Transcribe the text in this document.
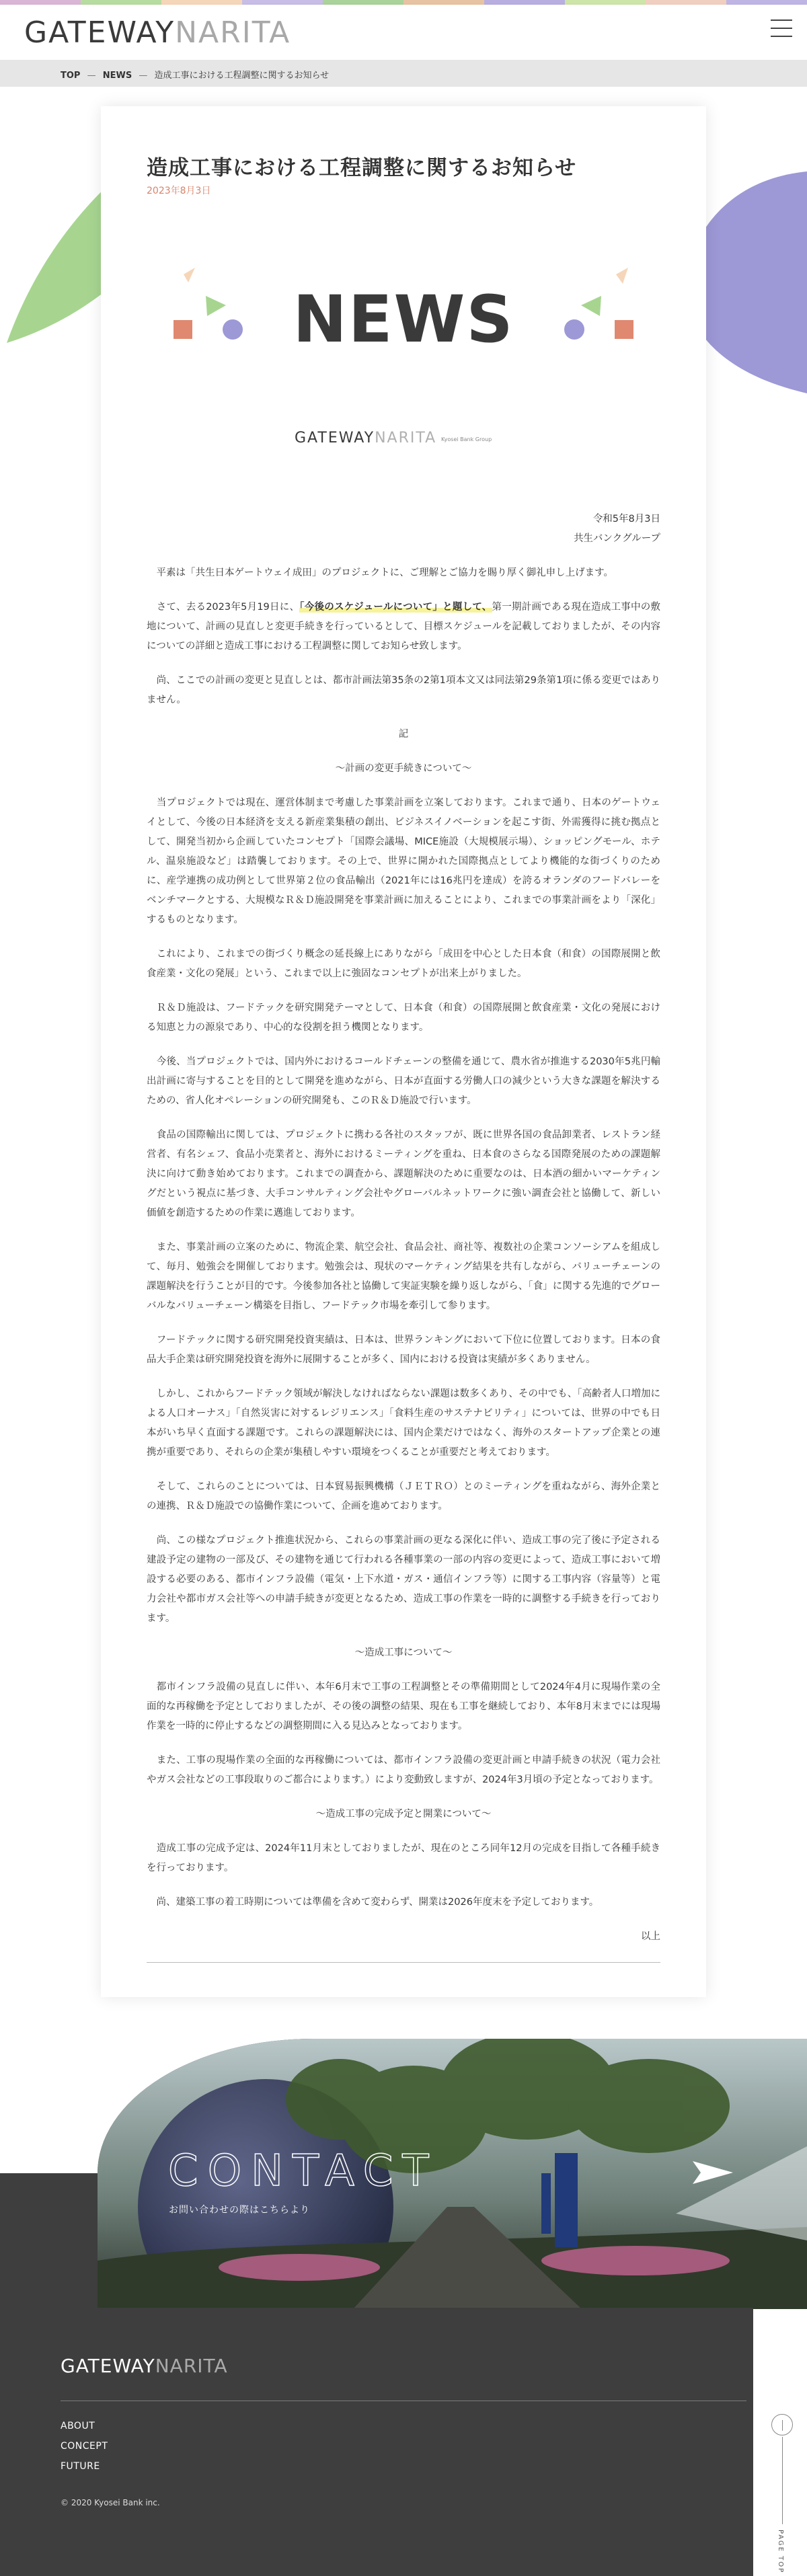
GATEWAYNARITA
TOP — NEWS — 造成工事における工程調整に関するお知らせ
造成工事における工程調整に関するお知らせ
2023年8月3日
NEWS
GATEWAYNARITA Kyosei Bank Group

令和5年8月3日

共生バンクグループ

　平素は「共生日本ゲートウェイ成田」のプロジェクトに、ご理解とご協力を賜り厚く御礼申し上げます。

　さて、去る2023年5月19日に、「今後のスケジュールについて」と題して、第一期計画である現在造成工事中の敷地について、計画の見直しと変更手続きを行っているとして、目標スケジュールを記載しておりましたが、その内容についての詳細と造成工事における工程調整に関してお知らせ致します。

　尚、ここでの計画の変更と見直しとは、都市計画法第35条の2第1項本文又は同法第29条第1項に係る変更ではありません。

記

〜計画の変更手続きについて〜

　当プロジェクトでは現在、運営体制まで考慮した事業計画を立案しております。これまで通り、日本のゲートウェイとして、今後の日本経済を支える新産業集積の創出、ビジネスイノベーションを起こす街、外需獲得に挑む拠点として、開発当初から企画していたコンセプト「国際会議場、MICE施設（大規模展示場）、ショッピングモール、ホテル、温泉施設など」は踏襲しております。その上で、世界に開かれた国際拠点としてより機能的な街づくりのために、産学連携の成功例として世界第２位の食品輸出（2021年には16兆円を達成）を誇るオランダのフードバレーをベンチマークとする、大規模なＲ＆Ｄ施設開発を事業計画に加えることにより、これまでの事業計画をより「深化」するものとなります。

　これにより、これまでの街づくり概念の延長線上にありながら「成田を中心とした日本食（和食）の国際展開と飲食産業・文化の発展」という、これまで以上に強固なコンセプトが出来上がりました。

　Ｒ＆Ｄ施設は、フードテックを研究開発テーマとして、日本食（和食）の国際展開と飲食産業・文化の発展における知恵と力の源泉であり、中心的な役割を担う機関となります。

　今後、当プロジェクトでは、国内外におけるコールドチェーンの整備を通じて、農水省が推進する2030年5兆円輸出計画に寄与することを目的として開発を進めながら、日本が直面する労働人口の減少という大きな課題を解決するための、省人化オペレーションの研究開発も、このＲ＆Ｄ施設で行います。

　食品の国際輸出に関しては、プロジェクトに携わる各社のスタッフが、既に世界各国の食品卸業者、レストラン経営者、有名シェフ、食品小売業者と、海外におけるミーティングを重ね、日本食のさらなる国際発展のための課題解決に向けて動き始めております。これまでの調査から、課題解決のために重要なのは、日本酒の細かいマーケティングだという視点に基づき、大手コンサルティング会社やグローバルネットワークに強い調査会社と協働して、新しい価値を創造するための作業に邁進しております。

　また、事業計画の立案のために、物流企業、航空会社、食品会社、商社等、複数社の企業コンソーシアムを組成して、毎月、勉強会を開催しております。勉強会は、現状のマーケティング結果を共有しながら、バリューチェーンの課題解決を行うことが目的です。今後参加各社と協働して実証実験を繰り返しながら、「食」に関する先進的でグローバルなバリューチェーン構築を目指し、フードテック市場を牽引して参ります。

　フードテックに関する研究開発投資実績は、日本は、世界ランキングにおいて下位に位置しております。日本の食品大手企業は研究開発投資を海外に展開することが多く、国内における投資は実績が多くありません。

　しかし、これからフードテック領域が解決しなければならない課題は数多くあり、その中でも、「高齢者人口増加による人口オーナス」「自然災害に対するレジリエンス」「食料生産のサステナビリティ」については、世界の中でも日本がいち早く直面する課題です。これらの課題解決には、国内企業だけではなく、海外のスタートアップ企業との連携が重要であり、それらの企業が集積しやすい環境をつくることが重要だと考えております。

　そして、これらのことについては、日本貿易振興機構（ＪＥＴＲＯ）とのミーティングを重ねながら、海外企業との連携、Ｒ＆Ｄ施設での協働作業について、企画を進めております。

　尚、この様なプロジェクト推進状況から、これらの事業計画の更なる深化に伴い、造成工事の完了後に予定される建設予定の建物の一部及び、その建物を通じて行われる各種事業の一部の内容の変更によって、造成工事において増設する必要のある、都市インフラ設備（電気・上下水道・ガス・通信インフラ等）に関する工事内容（容量等）と電力会社や都市ガス会社等への申請手続きが変更となるため、造成工事の作業を一時的に調整する手続きを行っております。

〜造成工事について〜

　都市インフラ設備の見直しに伴い、本年6月末で工事の工程調整とその準備期間として2024年4月に現場作業の全面的な再稼働を予定としておりましたが、その後の調整の結果、現在も工事を継続しており、本年8月末までには現場作業を一時的に停止するなどの調整期間に入る見込みとなっております。

　また、工事の現場作業の全面的な再稼働については、都市インフラ設備の変更計画と申請手続きの状況（電力会社やガス会社などの工事段取りのご都合によります。）により変動致しますが、2024年3月頃の予定となっております。

〜造成工事の完成予定と開業について〜

　造成工事の完成予定は、2024年11月末としておりましたが、現在のところ同年12月の完成を目指して各種手続きを行っております。

　尚、建築工事の着工時期については準備を含めて変わらず、開業は2026年度末を予定しております。

以上

CONTACT
お問い合わせの際はこちらより
GATEWAYNARITA
ABOUT
CONCEPT
FUTURE
© 2020 Kyosei Bank inc.
PAGE TOP
